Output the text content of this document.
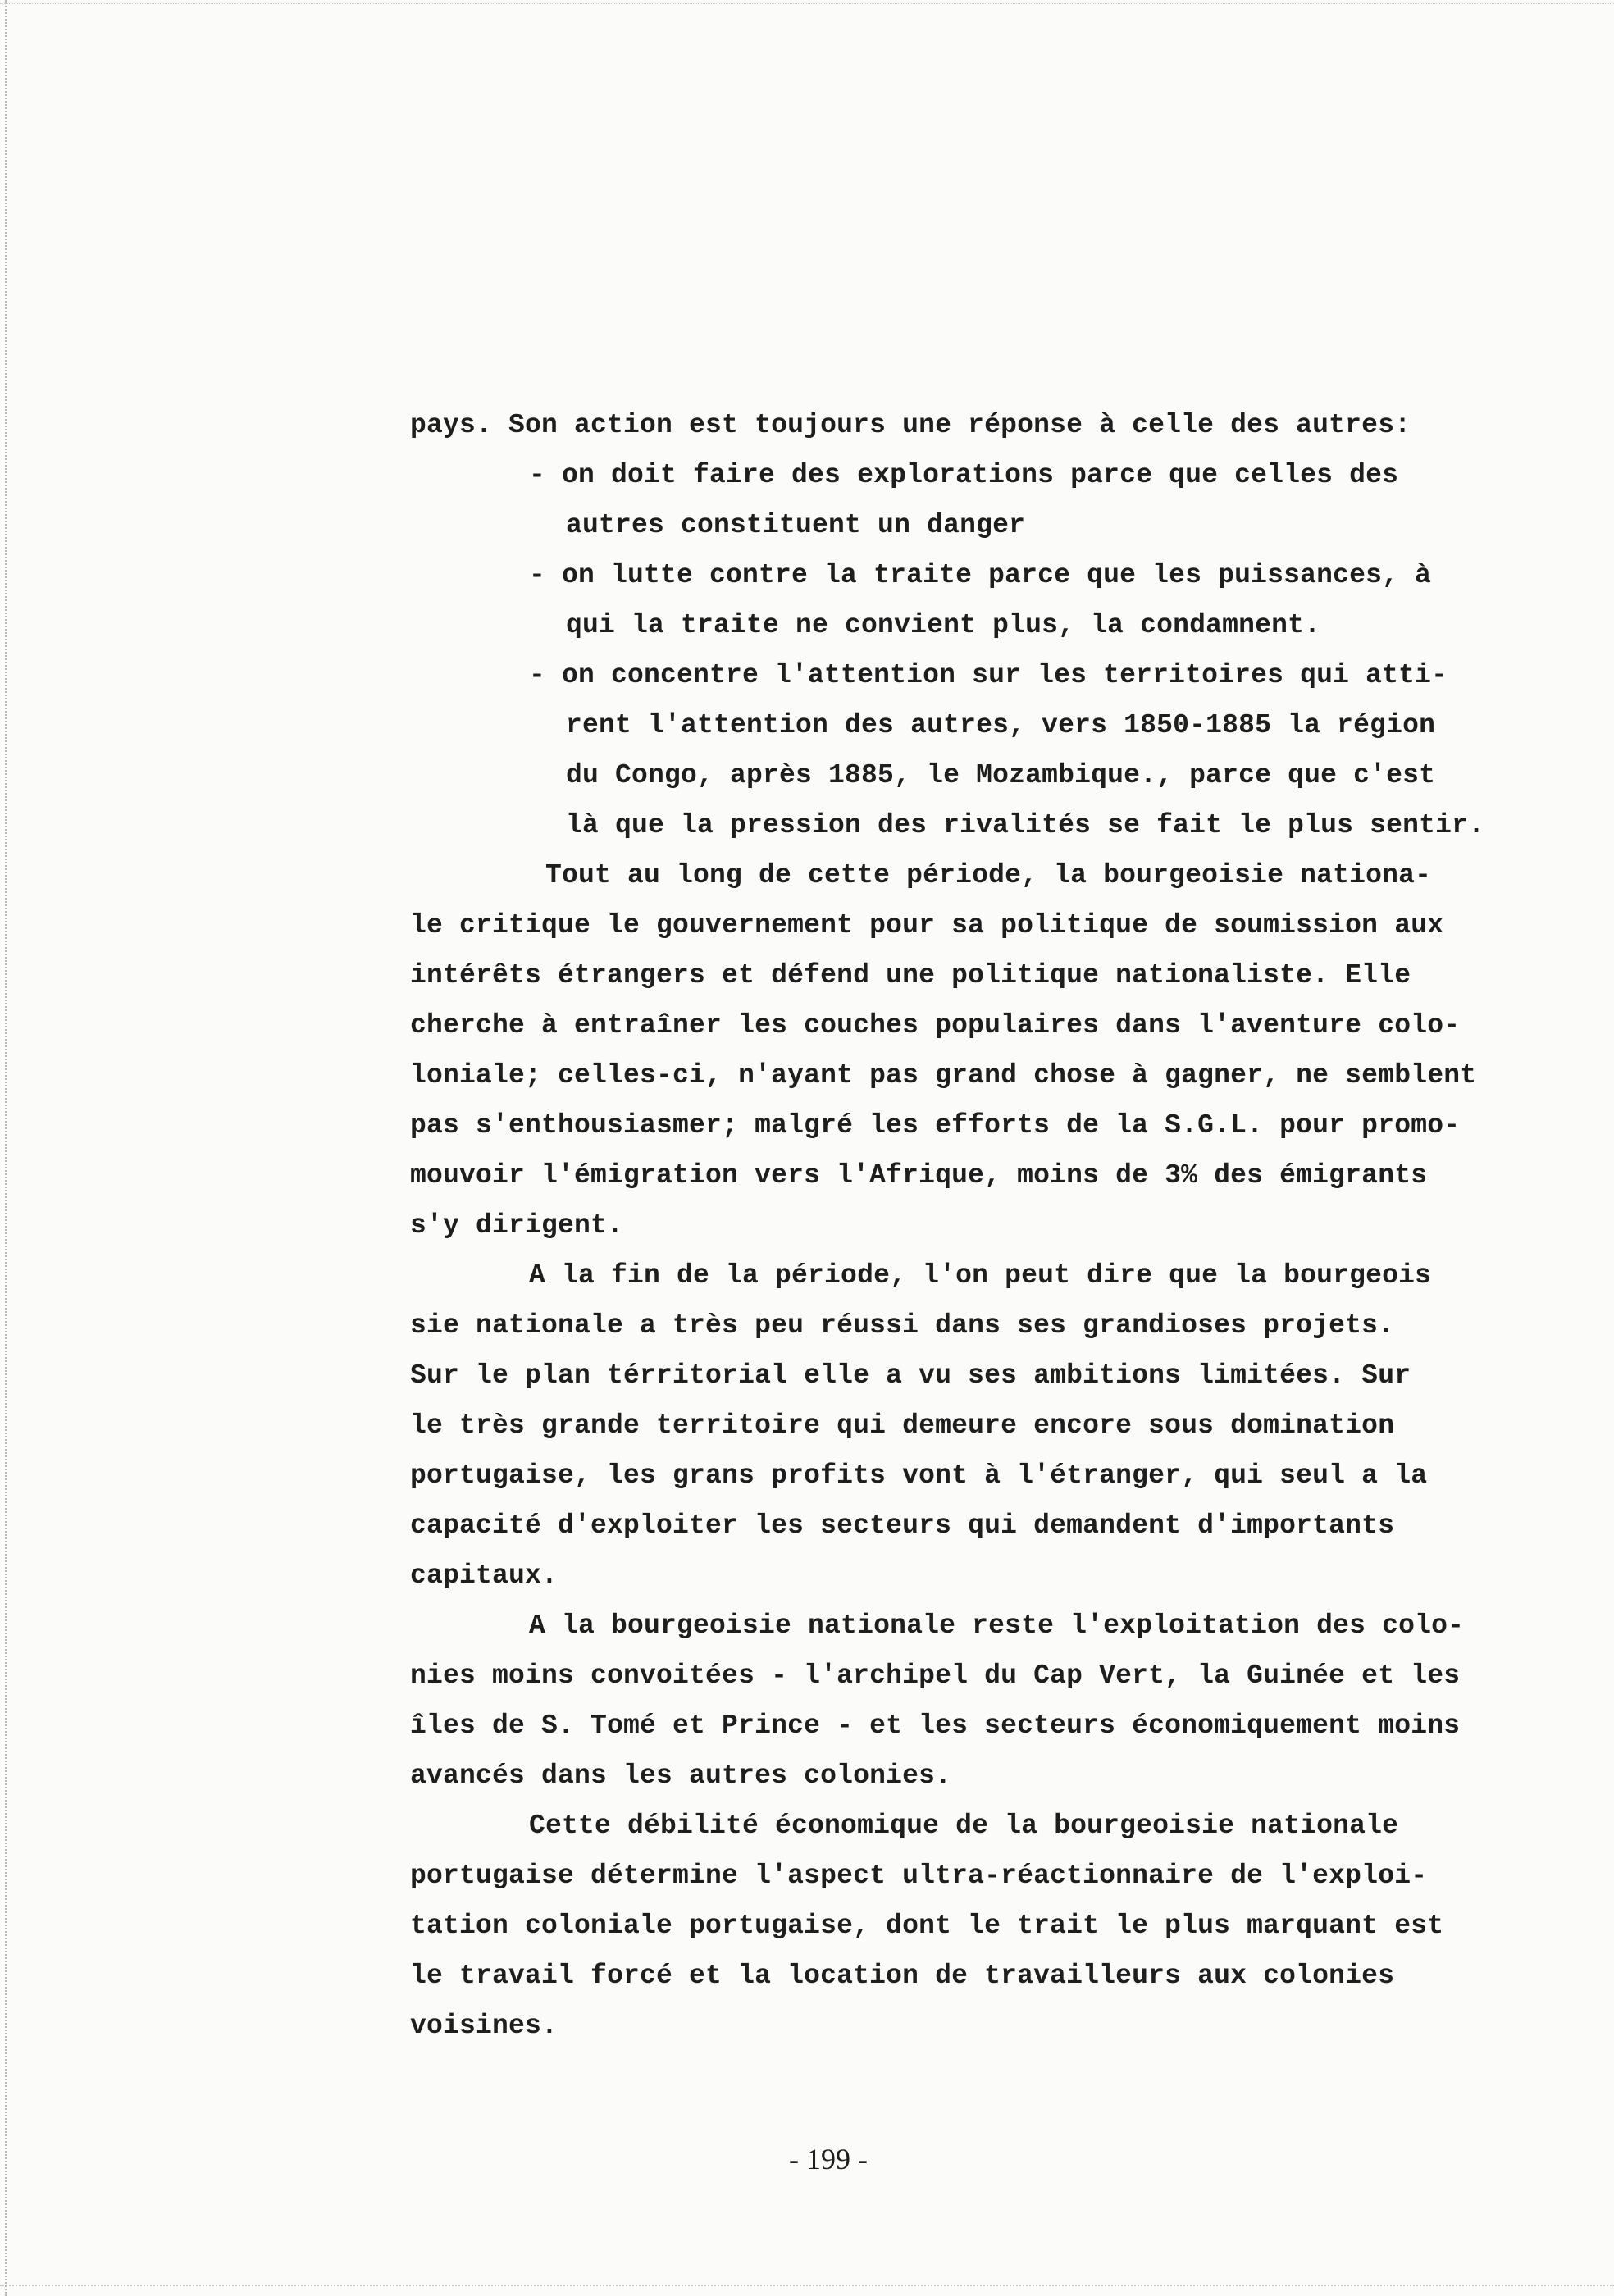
pays. Son action est toujours une réponse à celle des autres:
- on doit faire des explorations parce que celles des
autres constituent un danger
- on lutte contre la traite parce que les puissances, à
qui la traite ne convient plus, la condamnent.
- on concentre l'attention sur les territoires qui atti-
rent l'attention des autres, vers 1850-1885 la région
du Congo, après 1885, le Mozambique., parce que c'est
là que la pression des rivalités se fait le plus sentir.
Tout au long de cette période, la bourgeoisie nationa-
le critique le gouvernement pour sa politique de soumission aux
intérêts étrangers et défend une politique nationaliste. Elle
cherche à entraîner les couches populaires dans l'aventure colo-
loniale; celles-ci, n'ayant pas grand chose à gagner, ne semblent
pas s'enthousiasmer; malgré les efforts de la S.G.L. pour promo-
mouvoir l'émigration vers l'Afrique, moins de 3% des émigrants
s'y dirigent.
A la fin de la période, l'on peut dire que la bourgeois
sie nationale a très peu réussi dans ses grandioses projets.
Sur le plan térritorial elle a vu ses ambitions limitées. Sur
le très grande territoire qui demeure encore sous domination
portugaise, les grans profits vont à l'étranger, qui seul a la
capacité d'exploiter les secteurs qui demandent d'importants
capitaux.
A la bourgeoisie nationale reste l'exploitation des colo-
nies moins convoitées - l'archipel du Cap Vert, la Guinée et les
îles de S. Tomé et Prince - et les secteurs économiquement moins
avancés dans les autres colonies.
Cette débilité économique de la bourgeoisie nationale
portugaise détermine l'aspect ultra-réactionnaire de l'exploi-
tation coloniale portugaise, dont le trait le plus marquant est
le travail forcé et la location de travailleurs aux colonies
voisines.
- 199 -
